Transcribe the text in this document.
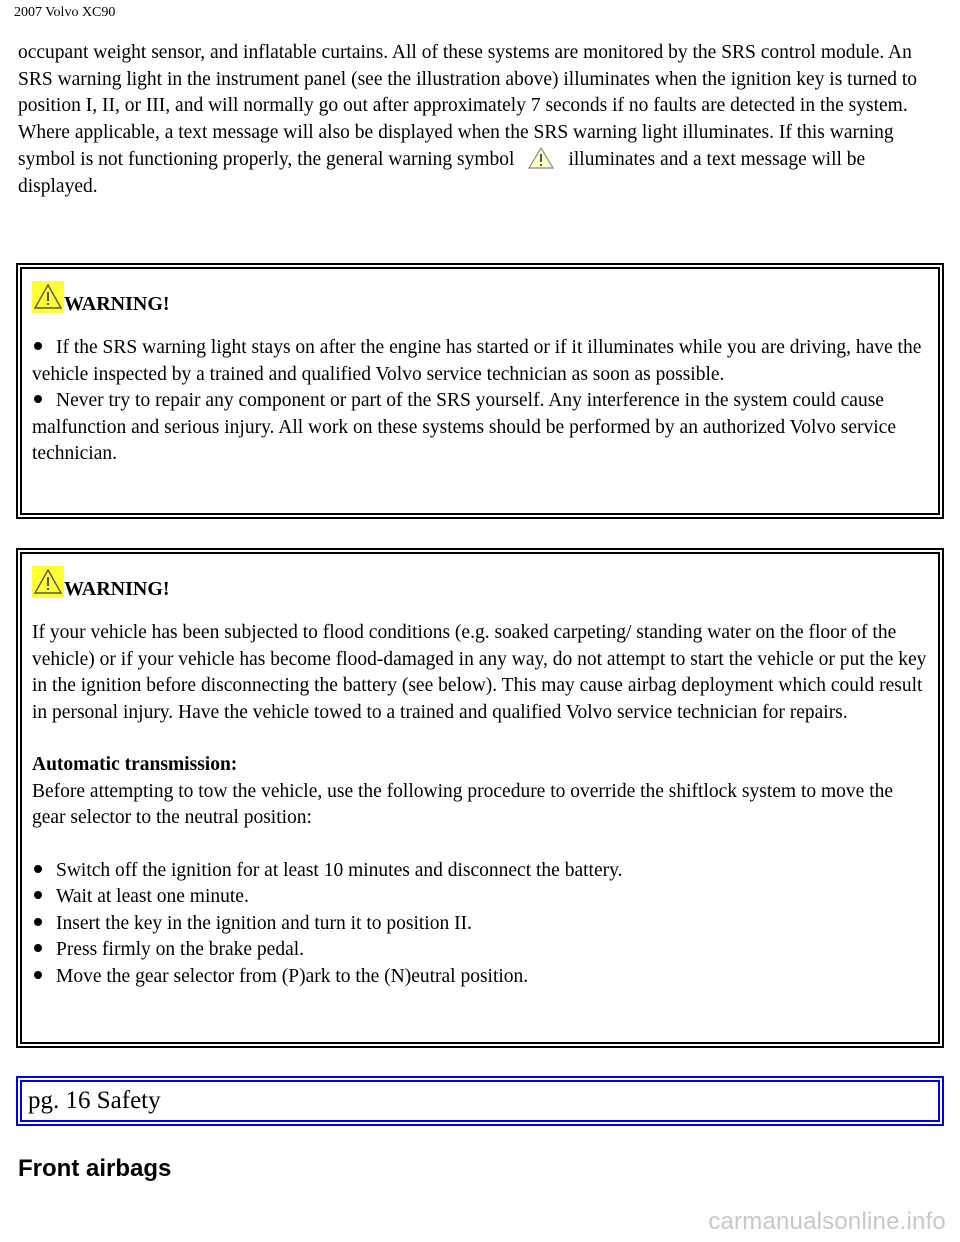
2007 Volvo XC90

occupant weight sensor, and inflatable curtains. All of these systems are monitored by the SRS control module. An SRS warning light in the instrument panel (see the illustration above) illuminates when the ignition key is turned to position I, II, or III, and will normally go out after approximately 7 seconds if no faults are detected in the system.

Where applicable, a text message will also be displayed when the SRS warning light illuminates. If this warning symbol is not functioning properly, the general warning symbol	illuminates and a text message will be displayed.

WARNING!
If the SRS warning light stays on after the engine has started or if it illuminates while you are driving, have the vehicle inspected by a trained and qualified Volvo service technician as soon as possible.
Never try to repair any component or part of the SRS yourself. Any interference in the system could cause malfunction and serious injury. All work on these systems should be performed by an authorized Volvo service technician.
WARNING!

If your vehicle has been subjected to flood conditions (e.g. soaked carpeting/ standing water on the floor of the vehicle) or if your vehicle has become flood-damaged in any way, do not attempt to start the vehicle or put the key in the ignition before disconnecting the battery (see below). This may cause airbag deployment which could result in personal injury. Have the vehicle towed to a trained and qualified Volvo service technician for repairs.

Automatic transmission:

Before attempting to tow the vehicle, use the following procedure to override the shiftlock system to move the gear selector to the neutral position:

Switch off the ignition for at least 10 minutes and disconnect the battery.
Wait at least one minute.
Insert the key in the ignition and turn it to position II.
Press firmly on the brake pedal.
Move the gear selector from (P)ark to the (N)eutral position.
pg. 16 Safety
Front airbags
carmanualsonline.info
